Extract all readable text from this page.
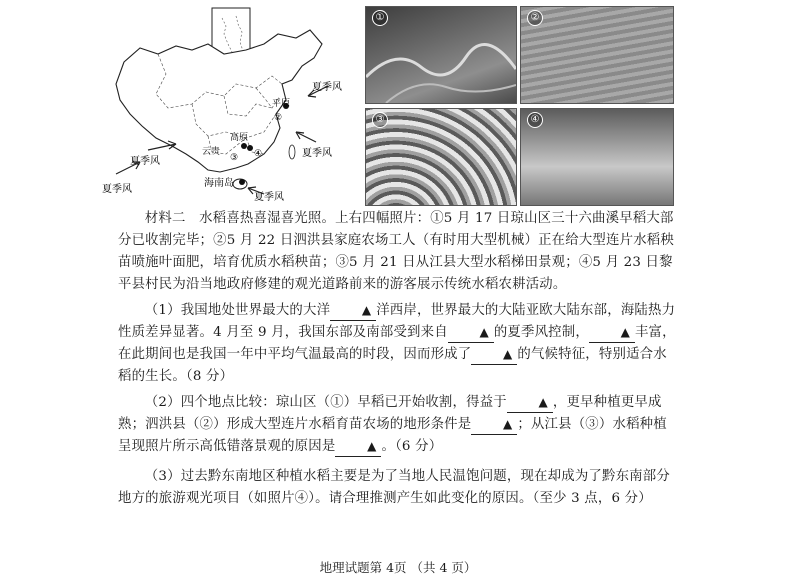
夏季风
夏季风
夏季风
夏季风
夏季风
平原
②
高原
云贵
③ ④
海南岛
①	②
③	④

材料二　水稻喜热喜湿喜光照。上右四幅照片：①5 月 17 日琼山区三十六曲溪早稻大部分已收割完毕；②5 月 22 日泗洪县家庭农场工人（有时用大型机械）正在给大型连片水稻秧苗喷施叶面肥，培育优质水稻秧苗；③5 月 21 日从江县大型水稻梯田景观；④5 月 23 日黎平县村民为沿当地政府修建的观光道路前来的游客展示传统水稻农耕活动。

（1）我国地处世界最大的大洋	▲ 洋西岸，世界最大的大陆亚欧大陆东部，海陆热力性质差异显著。4 月至 9 月，我国东部及南部受到来自	▲ 的夏季风控制，	▲ 丰富，在此期间也是我国一年中平均气温最高的时段，因而形成了	▲ 的气候特征，特别适合水稻的生长。（8 分）

（2）四个地点比较：琼山区（①）早稻已开始收割，得益于	▲ ，更早种植更早成熟；泗洪县（②）形成大型连片水稻育苗农场的地形条件是	▲ ；从江县（③）水稻种植呈现照片所示高低错落景观的原因是	▲ 。（6 分）

（3）过去黔东南地区种植水稻主要是为了当地人民温饱问题，现在却成为了黔东南部分地方的旅游观光项目（如照片④）。请合理推测产生如此变化的原因。（至少 3 点，6 分）

地理试题第 4页 （共 4 页）
